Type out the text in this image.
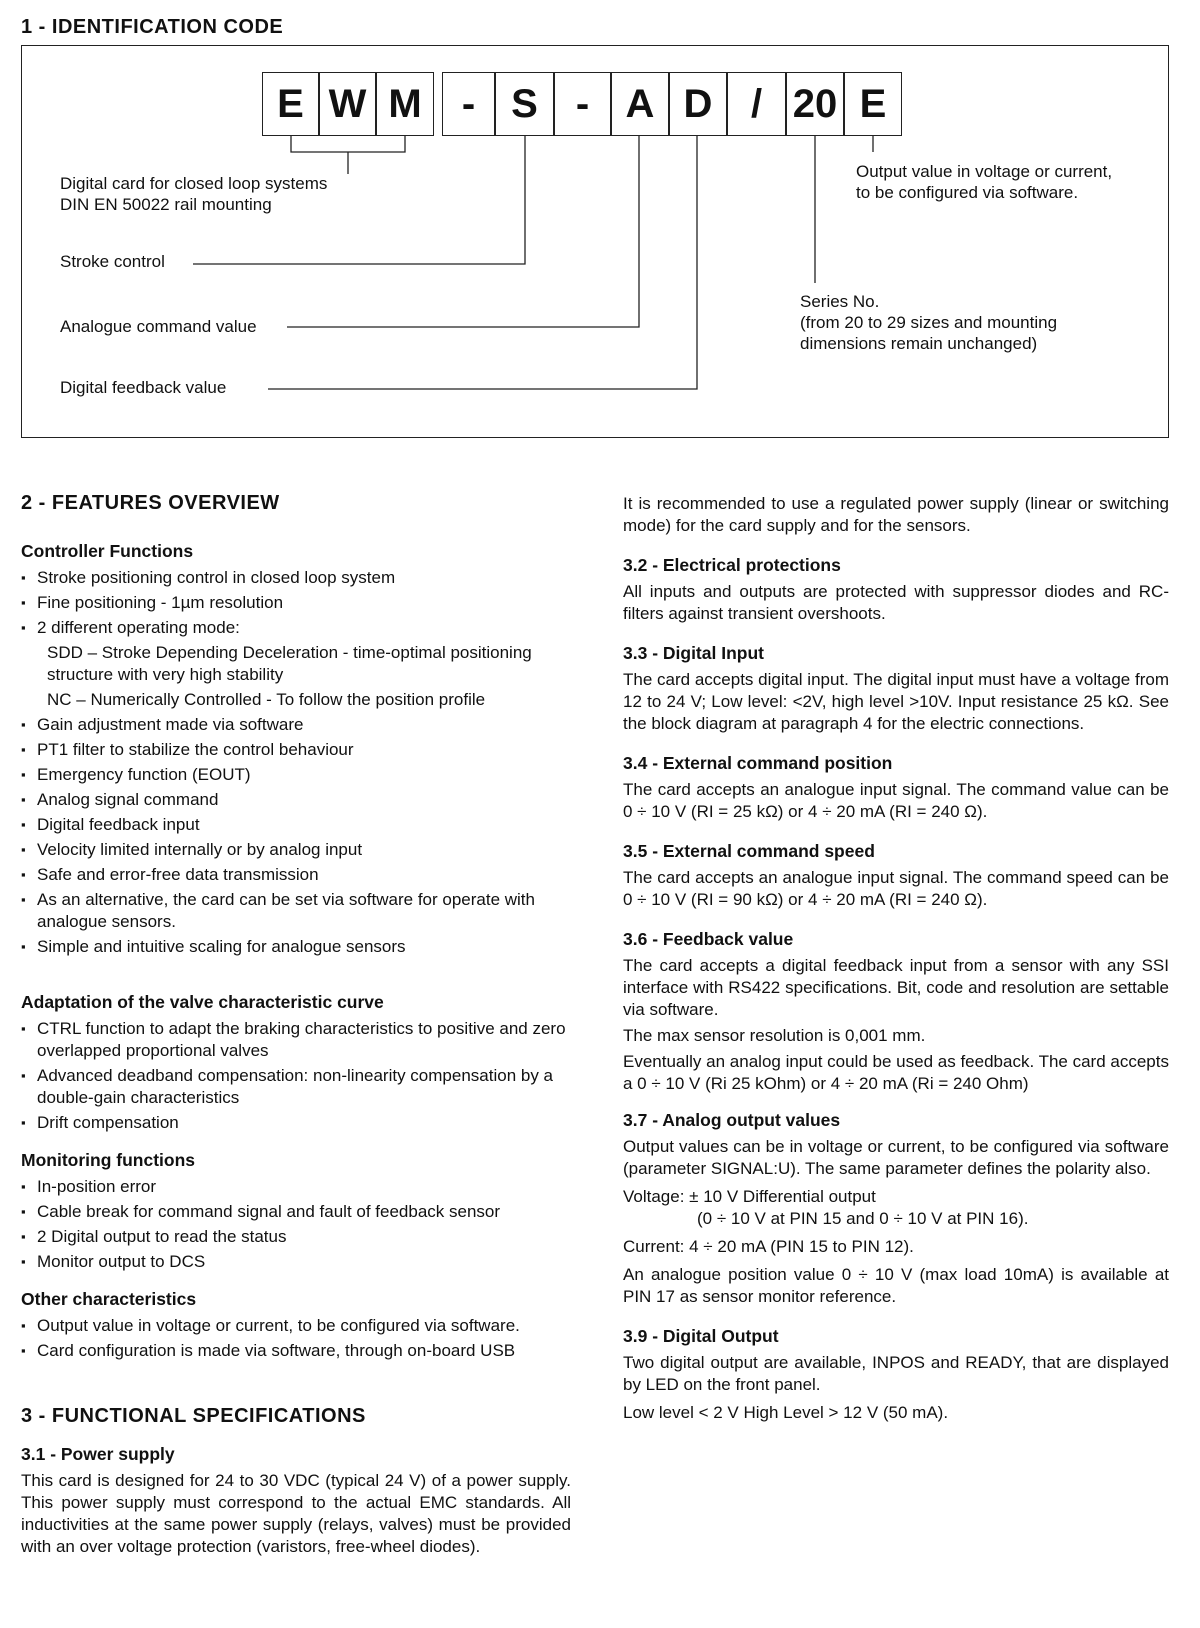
1 - IDENTIFICATION CODE
E W M	- S - A D / 20 E
Digital card for closed loop systems
DIN EN 50022 rail mounting
Stroke control
Analogue command value
Digital feedback value
Output value in voltage or current,
to be configured via software.
Series No.
(from 20 to 29 sizes and mounting
dimensions remain unchanged)
2 - FEATURES OVERVIEW
Controller Functions
▪ Stroke positioning control in closed loop system
▪ Fine positioning - 1µm resolution
▪ 2 different operating mode:

SDD – Stroke Depending Deceleration - time-optimal positioning structure with very high stability

NC – Numerically Controlled - To follow the position profile

▪ Gain adjustment made via software
▪ PT1 filter to stabilize the control behaviour
▪ Emergency function (EOUT)
▪ Analog signal command
▪ Digital feedback input
▪ Velocity limited internally or by analog input
▪ Safe and error-free data transmission
▪ As an alternative, the card can be set via software for operate with analogue sensors.
▪ Simple and intuitive scaling for analogue sensors
Adaptation of the valve characteristic curve
▪ CTRL function to adapt the braking characteristics to positive and zero overlapped proportional valves
▪ Advanced deadband compensation: non-linearity compensation by a double-gain characteristics
▪ Drift compensation
Monitoring functions
▪ In-position error
▪ Cable break for command signal and fault of feedback sensor
▪ 2 Digital output to read the status
▪ Monitor output to DCS
Other characteristics
▪ Output value in voltage or current, to be configured via software.
▪ Card configuration is made via software, through on-board USB
3 - FUNCTIONAL SPECIFICATIONS
3.1 - Power supply

This card is designed for 24 to 30 VDC (typical 24 V) of a power supply. This power supply must correspond to the actual EMC standards. All inductivities at the same power supply (relays, valves) must be provided with an over voltage protection (varistors, free-wheel diodes).

It is recommended to use a regulated power supply (linear or switching mode) for the card supply and for the sensors.

3.2 - Electrical protections

All inputs and outputs are protected with suppressor diodes and RC-filters against transient overshoots.

3.3 - Digital Input

The card accepts digital input. The digital input must have a voltage from 12 to 24 V; Low level: <2V, high level >10V. Input resistance 25 kΩ. See the block diagram at paragraph 4 for the electric connections.

3.4 - External command position

The card accepts an analogue input signal. The command value can be 0 ÷ 10 V (RI = 25 kΩ) or 4 ÷ 20 mA (RI = 240 Ω).

3.5 - External command speed

The card accepts an analogue input signal. The command speed can be 0 ÷ 10 V (RI = 90 kΩ) or 4 ÷ 20 mA (RI = 240 Ω).

3.6 - Feedback value

The card accepts a digital feedback input from a sensor with any SSI interface with RS422 specifications. Bit, code and resolution are settable via software.

The max sensor resolution is 0,001 mm.

Eventually an analog input could be used as feedback. The card accepts a 0 ÷ 10 V (Ri 25 kOhm) or 4 ÷ 20 mA (Ri = 240 Ohm)

3.7 - Analog output values

Output values can be in voltage or current, to be configured via software (parameter SIGNAL:U). The same parameter defines the polarity also.

Voltage: ± 10 V Differential output

(0 ÷ 10 V at PIN 15 and 0 ÷ 10 V at PIN 16).

Current: 4 ÷ 20 mA (PIN 15 to PIN 12).

An analogue position value 0 ÷ 10 V (max load 10mA) is available at PIN 17 as sensor monitor reference.

3.9 - Digital Output

Two digital output are available, INPOS and READY, that are displayed by LED on the front panel.

Low level < 2 V High Level > 12 V (50 mA).
